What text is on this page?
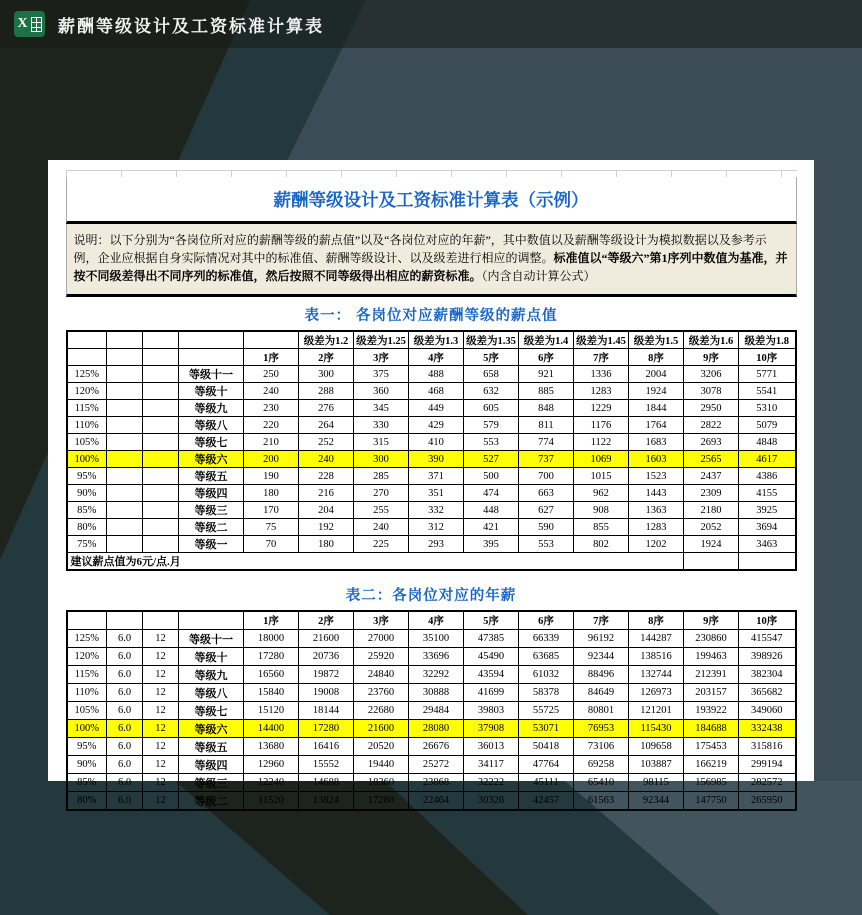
X 薪酬等级设计及工资标准计算表
薪酬等级设计及工资标准计算表（示例）
说明：以下分别为“各岗位所对应的薪酬等级的薪点值”以及“各岗位对应的年薪”，其中数值以及薪酬等级设计为模拟数据以及参考示例，企业应根据自身实际情况对其中的标准值、薪酬等级设计、以及级差进行相应的调整。标准值以“等级六”第1序列中数值为基准，并按不同级差得出不同序列的标准值，然后按照不同等级得出相应的薪资标准。（内含自动计算公式）
表一： 各岗位对应薪酬等级的薪点值
					级差为1.2	级差为1.25	级差为1.3	级差为1.35	级差为1.4	级差为1.45	级差为1.5	级差为1.6	级差为1.8
				1序	2序	3序	4序	5序	6序	7序	8序	9序	10序
125%			等级十一	250	300	375	488	658	921	1336	2004	3206	5771
120%			等级十	240	288	360	468	632	885	1283	1924	3078	5541
115%			等级九	230	276	345	449	605	848	1229	1844	2950	5310
110%			等级八	220	264	330	429	579	811	1176	1764	2822	5079
105%			等级七	210	252	315	410	553	774	1122	1683	2693	4848
100%			等级六	200	240	300	390	527	737	1069	1603	2565	4617
95%			等级五	190	228	285	371	500	700	1015	1523	2437	4386
90%			等级四	180	216	270	351	474	663	962	1443	2309	4155
85%			等级三	170	204	255	332	448	627	908	1363	2180	3925
80%			等级二	75	192	240	312	421	590	855	1283	2052	3694
75%			等级一	70	180	225	293	395	553	802	1202	1924	3463
建议薪点值为6元/点.月													
表二：各岗位对应的年薪
				1序	2序	3序	4序	5序	6序	7序	8序	9序	10序
125%	6.0	12	等级十一	18000	21600	27000	35100	47385	66339	96192	144287	230860	415547
120%	6.0	12	等级十	17280	20736	25920	33696	45490	63685	92344	138516	199463	398926
115%	6.0	12	等级九	16560	19872	24840	32292	43594	61032	88496	132744	212391	382304
110%	6.0	12	等级八	15840	19008	23760	30888	41699	58378	84649	126973	203157	365682
105%	6.0	12	等级七	15120	18144	22680	29484	39803	55725	80801	121201	193922	349060
100%	6.0	12	等级六	14400	17280	21600	28080	37908	53071	76953	115430	184688	332438
95%	6.0	12	等级五	13680	16416	20520	26676	36013	50418	73106	109658	175453	315816
90%	6.0	12	等级四	12960	15552	19440	25272	34117	47764	69258	103887	166219	299194
85%	6.0	12	等级三	12240	14688	18360	23868	32222	45111	65410	98115	156985	282572
80%	6.0	12	等级二	11520	13824	17280	22464	30326	42457	61563	92344	147750	265950
